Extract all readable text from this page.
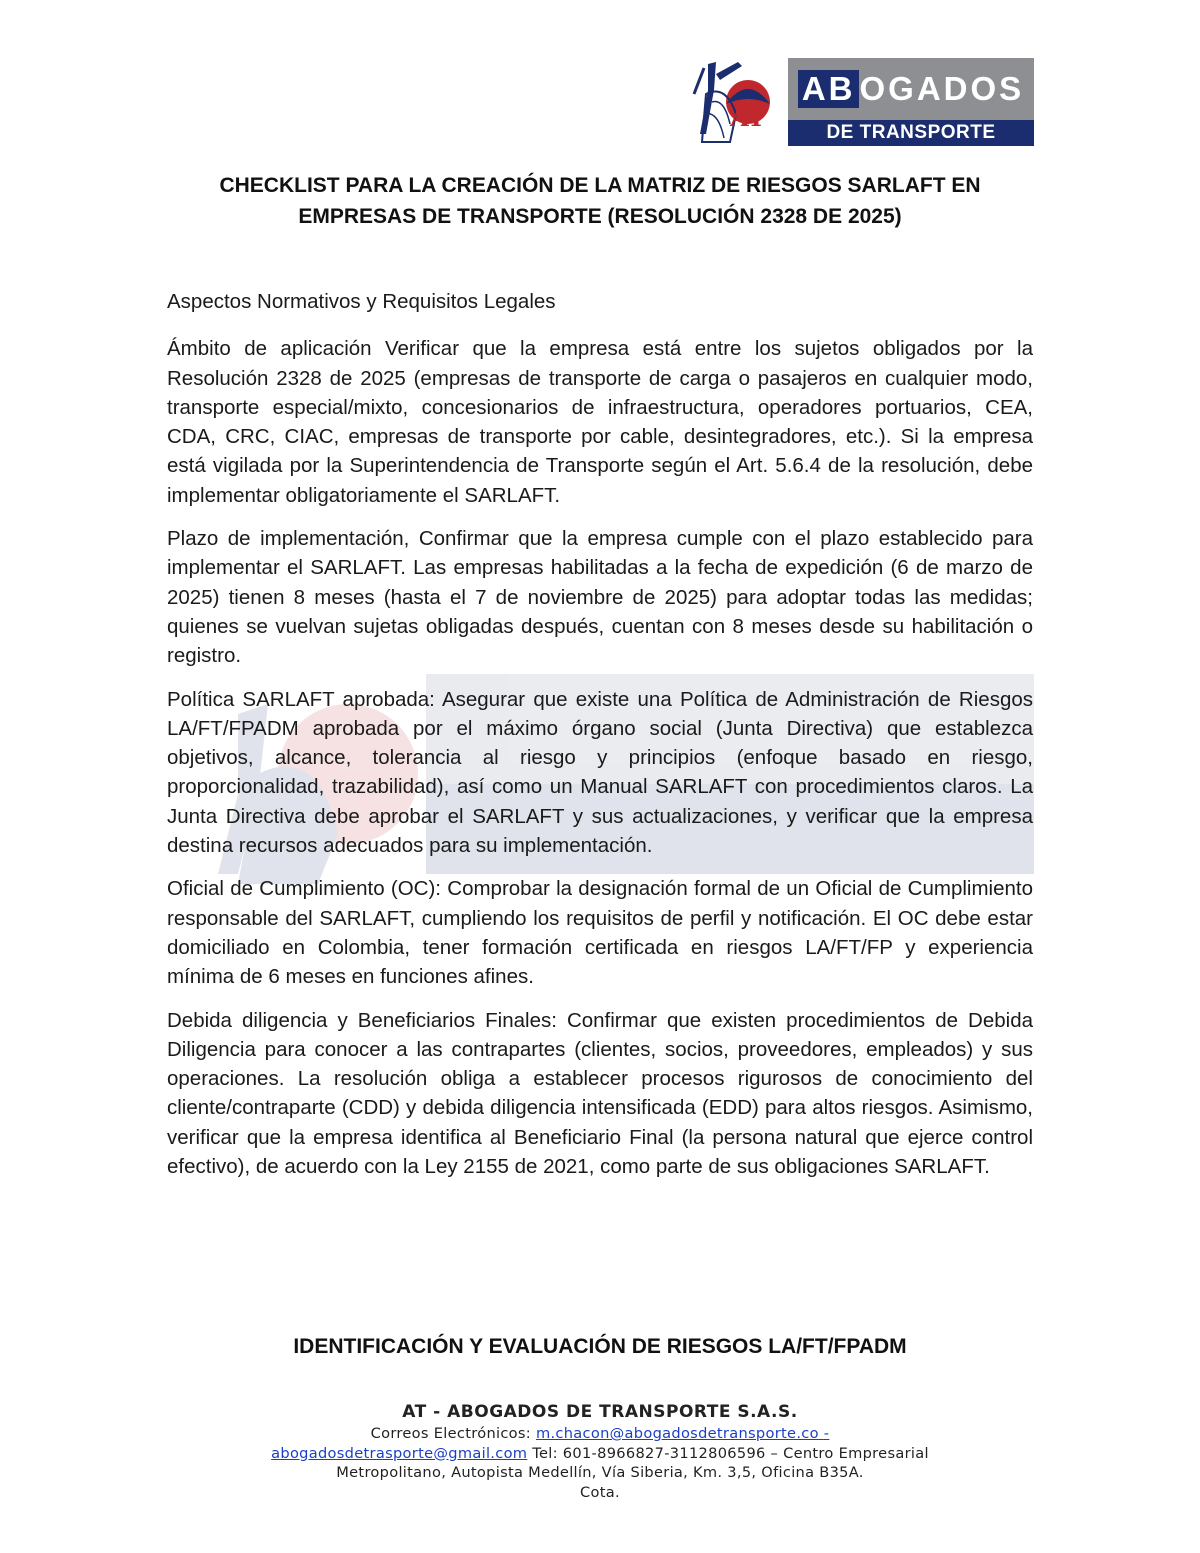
AT
AB OGADOS
DE TRANSPORTE
CHECKLIST PARA LA CREACIÓN DE LA MATRIZ DE RIESGOS SARLAFT EN
EMPRESAS DE TRANSPORTE (RESOLUCIÓN 2328 DE 2025)

Aspectos Normativos y Requisitos Legales

Ámbito de aplicación Verificar que la empresa está entre los sujetos obligados por la Resolución 2328 de 2025 (empresas de transporte de carga o pasajeros en cualquier modo, transporte especial/mixto, concesionarios de infraestructura, operadores portuarios, CEA, CDA, CRC, CIAC, empresas de transporte por cable, desintegradores, etc.). Si la empresa está vigilada por la Superintendencia de Transporte según el Art. 5.6.4 de la resolución, debe implementar obligatoriamente el SARLAFT.

Plazo de implementación, Confirmar que la empresa cumple con el plazo establecido para implementar el SARLAFT. Las empresas habilitadas a la fecha de expedición (6 de marzo de 2025) tienen 8 meses (hasta el 7 de noviembre de 2025) para adoptar todas las medidas; quienes se vuelvan sujetas obligadas después, cuentan con 8 meses desde su habilitación o registro.

Política SARLAFT aprobada: Asegurar que existe una Política de Administración de Riesgos LA/FT/FPADM aprobada por el máximo órgano social (Junta Directiva) que establezca objetivos, alcance, tolerancia al riesgo y principios (enfoque basado en riesgo, proporcionalidad, trazabilidad), así como un Manual SARLAFT con procedimientos claros. La Junta Directiva debe aprobar el SARLAFT y sus actualizaciones, y verificar que la empresa destina recursos adecuados para su implementación.

Oficial de Cumplimiento (OC): Comprobar la designación formal de un Oficial de Cumplimiento responsable del SARLAFT, cumpliendo los requisitos de perfil y notificación. El OC debe estar domiciliado en Colombia, tener formación certificada en riesgos LA/FT/FP y experiencia mínima de 6 meses en funciones afines.

Debida diligencia y Beneficiarios Finales: Confirmar que existen procedimientos de Debida Diligencia para conocer a las contrapartes (clientes, socios, proveedores, empleados) y sus operaciones. La resolución obliga a establecer procesos rigurosos de conocimiento del cliente/contraparte (CDD) y debida diligencia intensificada (EDD) para altos riesgos. Asimismo, verificar que la empresa identifica al Beneficiario Final (la persona natural que ejerce control efectivo), de acuerdo con la Ley 2155 de 2021, como parte de sus obligaciones SARLAFT.

IDENTIFICACIÓN Y EVALUACIÓN DE RIESGOS LA/FT/FPADM
AT - ABOGADOS DE TRANSPORTE S.A.S.
Correos Electrónicos: m.chacon@abogadosdetransporte.co -
abogadosdetrasporte@gmail.com Tel: 601-8966827-3112806596 – Centro Empresarial
Metropolitano, Autopista Medellín, Vía Siberia, Km. 3,5, Oficina B35A.
Cota.
